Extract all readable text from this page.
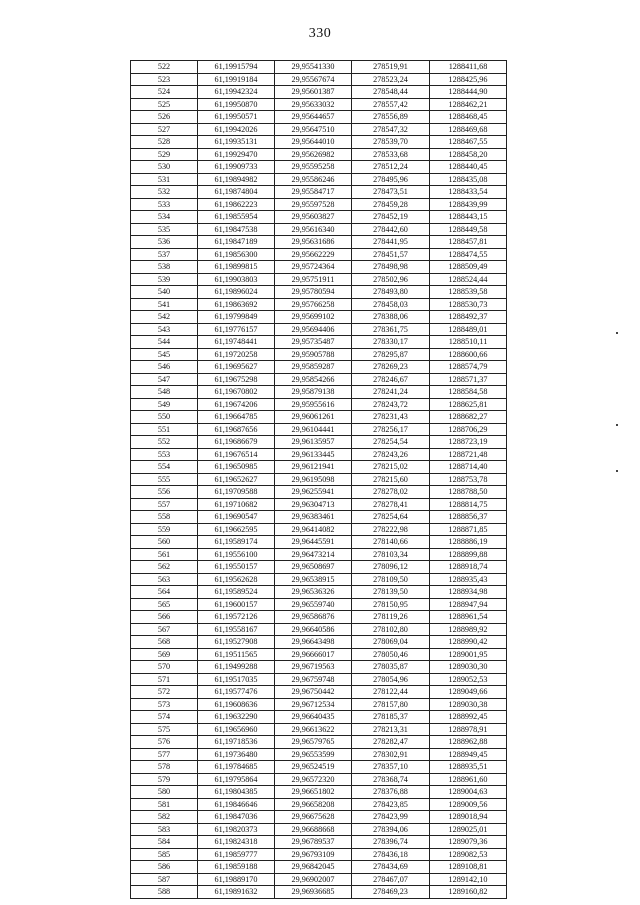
330
522	61,19915794	29,95541330	278519,91	1288411,68
523	61,19919184	29,95567674	278523,24	1288425,96
524	61,19942324	29,95601387	278548,44	1288444,90
525	61,19950870	29,95633032	278557,42	1288462,21
526	61,19950571	29,95644657	278556,89	1288468,45
527	61,19942026	29,95647510	278547,32	1288469,68
528	61,19935131	29,95644010	278539,70	1288467,55
529	61,19929470	29,95626982	278533,68	1288458,20
530	61,19909733	29,95595258	278512,24	1288440,45
531	61,19894982	29,95586246	278495,96	1288435,08
532	61,19874804	29,95584717	278473,51	1288433,54
533	61,19862223	29,95597528	278459,28	1288439,99
534	61,19855954	29,95603827	278452,19	1288443,15
535	61,19847538	29,95616340	278442,60	1288449,58
536	61,19847189	29,95631686	278441,95	1288457,81
537	61,19856300	29,95662229	278451,57	1288474,55
538	61,19899815	29,95724364	278498,98	1288509,49
539	61,19903803	29,95751911	278502,96	1288524,44
540	61,19896024	29,95780594	278493,80	1288539,58
541	61,19863692	29,95766258	278458,03	1288530,73
542	61,19799849	29,95699102	278388,06	1288492,37
543	61,19776157	29,95694406	278361,75	1288489,01
544	61,19748441	29,95735487	278330,17	1288510,11
545	61,19720258	29,95905788	278295,87	1288600,66
546	61,19695627	29,95859287	278269,23	1288574,79
547	61,19675298	29,95854266	278246,67	1288571,37
548	61,19670802	29,95879138	278241,24	1288584,58
549	61,19674206	29,95955616	278243,72	1288625,81
550	61,19664785	29,96061261	278231,43	1288682,27
551	61,19687656	29,96104441	278256,17	1288706,29
552	61,19686679	29,96135957	278254,54	1288723,19
553	61,19676514	29,96133445	278243,26	1288721,48
554	61,19650985	29,96121941	278215,02	1288714,40
555	61,19652627	29,96195098	278215,60	1288753,78
556	61,19709588	29,96255941	278278,02	1288788,50
557	61,19710682	29,96304713	278278,41	1288814,75
558	61,19690547	29,96383461	278254,64	1288856,37
559	61,19662595	29,96414082	278222,98	1288871,85
560	61,19589174	29,96445591	278140,66	1288886,19
561	61,19556100	29,96473214	278103,34	1288899,88
562	61,19550157	29,96508697	278096,12	1288918,74
563	61,19562628	29,96538915	278109,50	1288935,43
564	61,19589524	29,96536326	278139,50	1288934,98
565	61,19600157	29,96559740	278150,95	1288947,94
566	61,19572126	29,96586876	278119,26	1288961,54
567	61,19558167	29,96640586	278102,80	1288989,92
568	61,19527908	29,96643498	278069,04	1288990,42
569	61,19511565	29,96666017	278050,46	1289001,95
570	61,19499288	29,96719563	278035,87	1289030,30
571	61,19517035	29,96759748	278054,96	1289052,53
572	61,19577476	29,96750442	278122,44	1289049,66
573	61,19608636	29,96712534	278157,80	1289030,38
574	61,19632290	29,96640435	278185,37	1288992,45
575	61,19656960	29,96613622	278213,31	1288978,91
576	61,19718536	29,96579765	278282,47	1288962,88
577	61,19736480	29,96553599	278302,91	1288949,45
578	61,19784685	29,96524519	278357,10	1288935,51
579	61,19795864	29,96572320	278368,74	1288961,60
580	61,19804385	29,96651802	278376,88	1289004,63
581	61,19846646	29,96658208	278423,85	1289009,56
582	61,19847036	29,96675628	278423,99	1289018,94
583	61,19820373	29,96688668	278394,06	1289025,01
584	61,19824318	29,96789537	278396,74	1289079,36
585	61,19859777	29,96793109	278436,18	1289082,53
586	61,19859188	29,96842045	278434,69	1289108,81
587	61,19889170	29,96902007	278467,07	1289142,10
588	61,19891632	29,96936685	278469,23	1289160,82
